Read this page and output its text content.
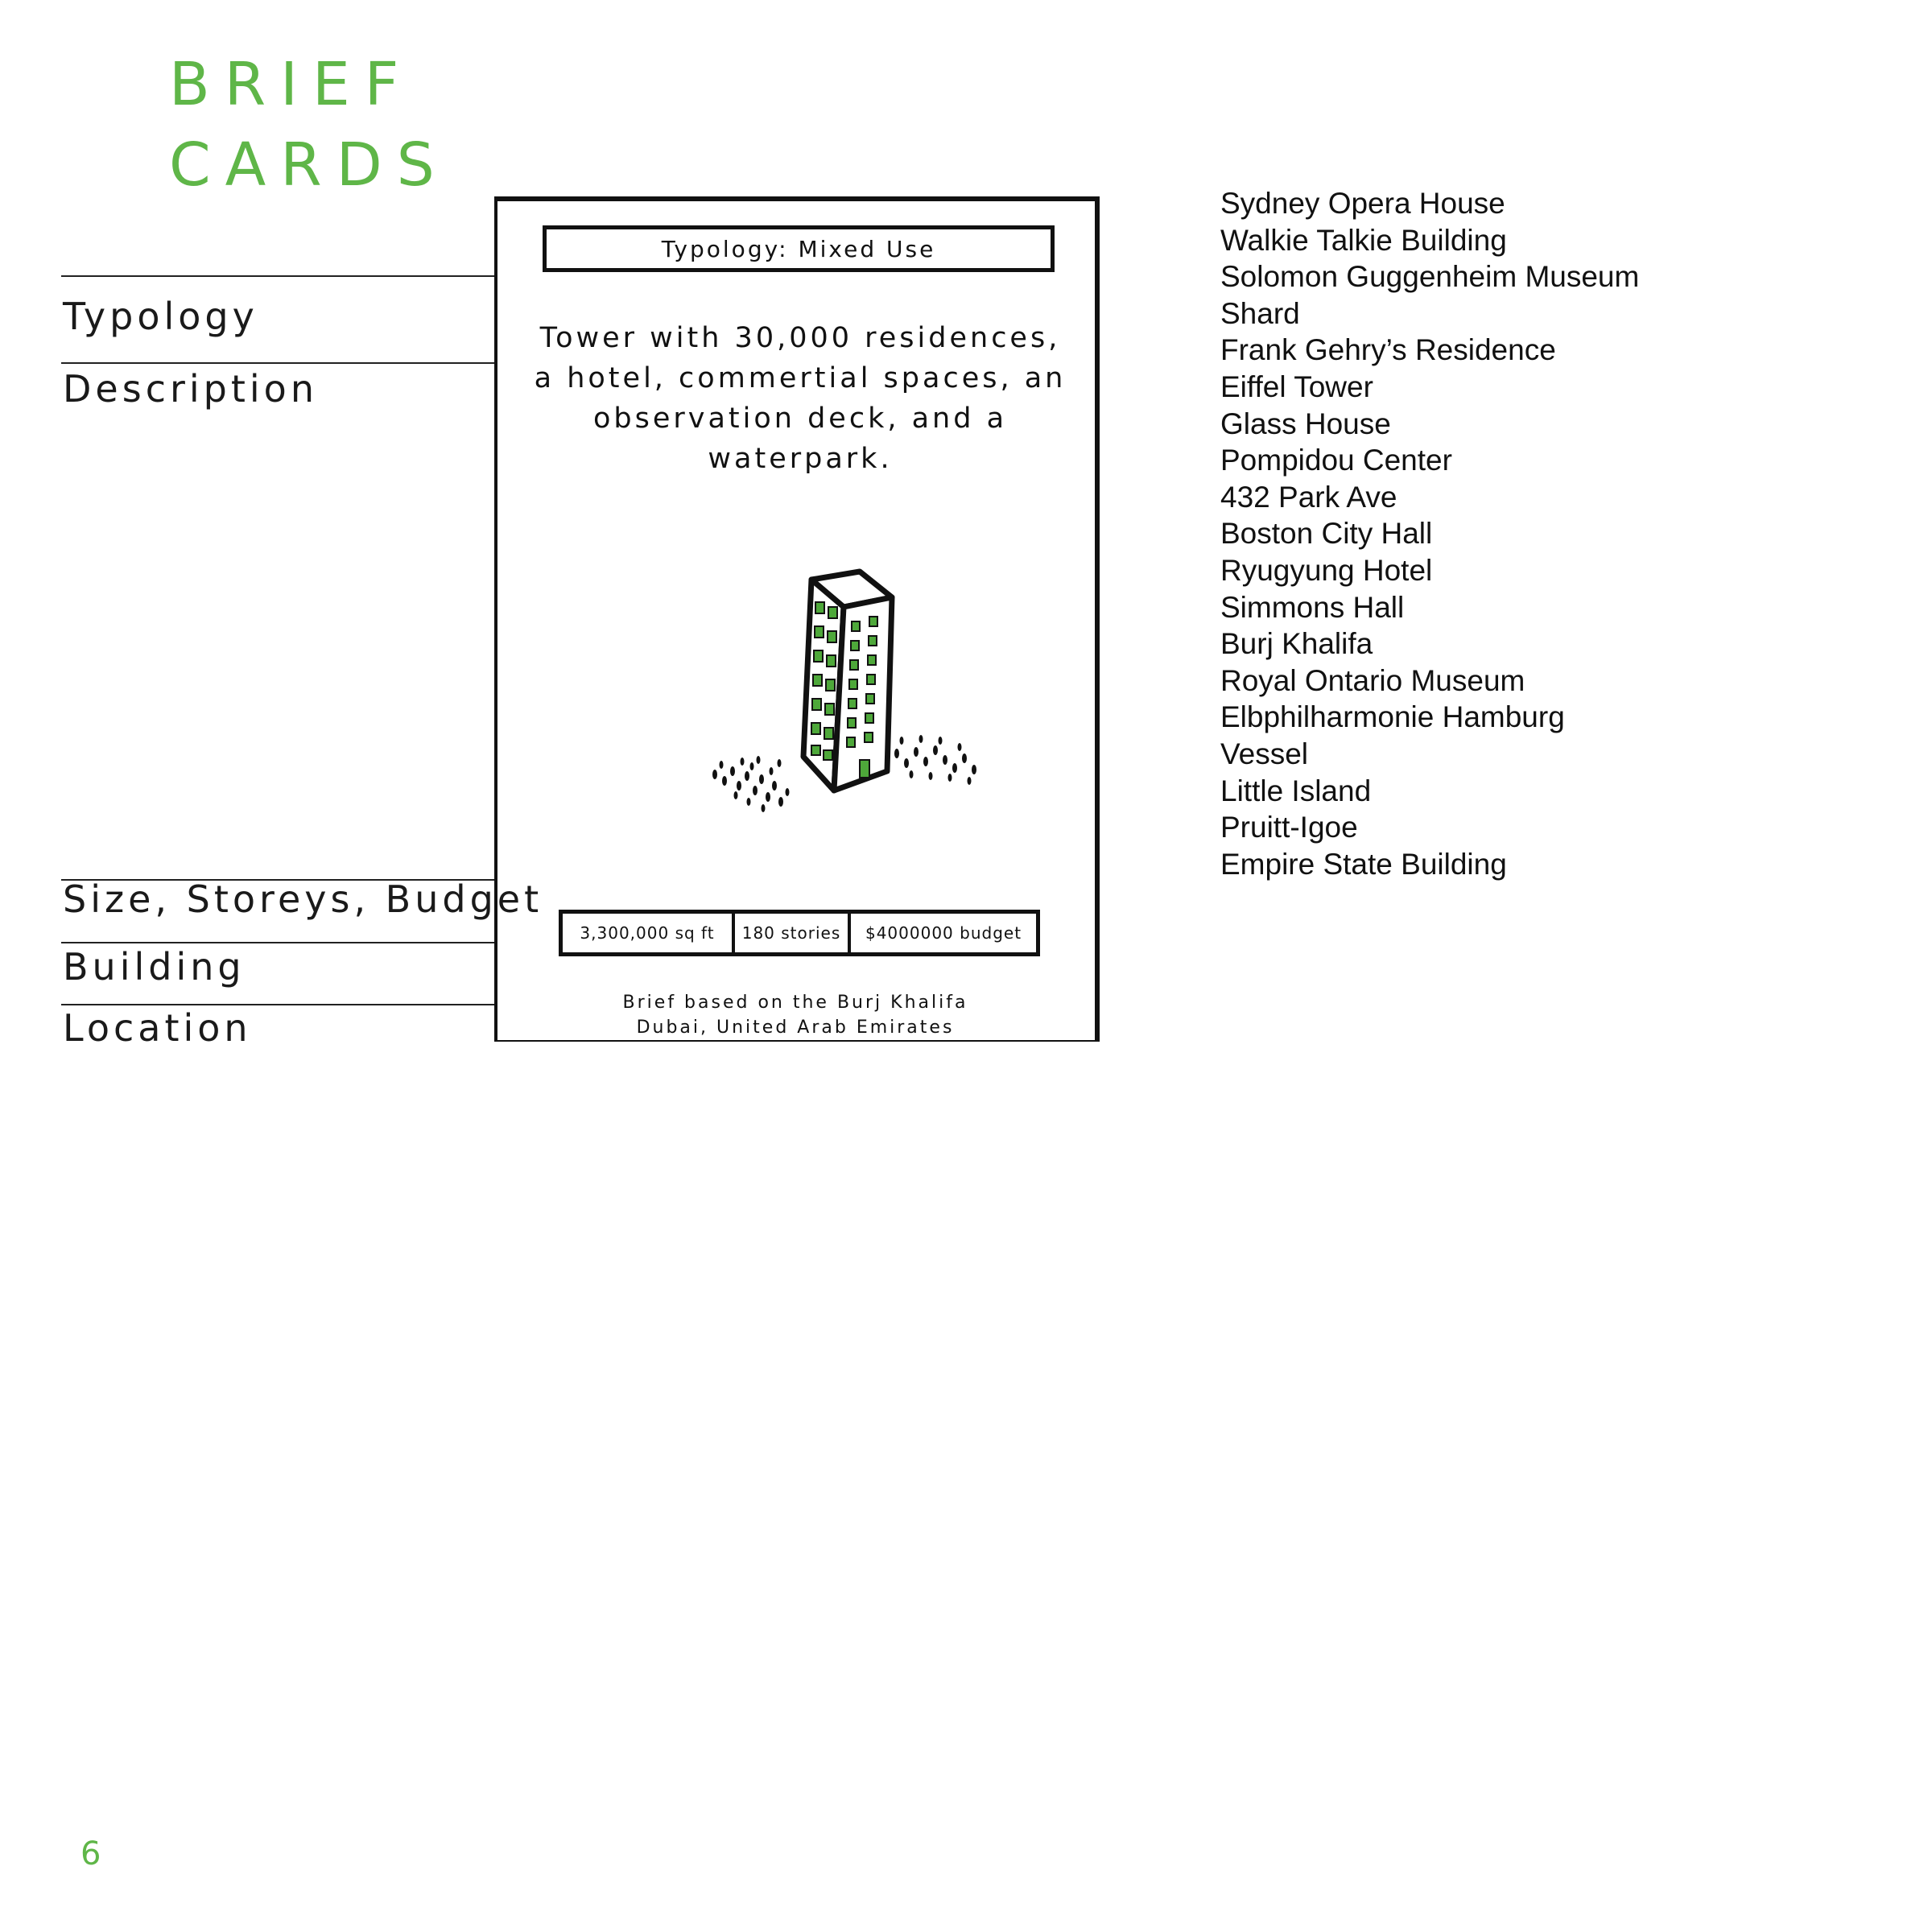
BRIEF
CARDS
Typology
Description
Size, Storeys, Budget
Building
Location
Typology: Mixed Use
Tower with 30,000 residences, a hotel, commertial spaces, an observation deck, and a waterpark.
3,300,000 sq ft	180 stories	$4000000 budget
Brief based on the Burj Khalifa
Dubai, United Arab Emirates
Sydney Opera House
Walkie Talkie Building
Solomon Guggenheim Museum
Shard
Frank Gehry’s Residence
Eiffel Tower
Glass House
Pompidou Center
432 Park Ave
Boston City Hall
Ryugyung Hotel
Simmons Hall
Burj Khalifa
Royal Ontario Museum
Elbphilharmonie Hamburg
Vessel
Little Island
Pruitt-Igoe
Empire State Building
6
